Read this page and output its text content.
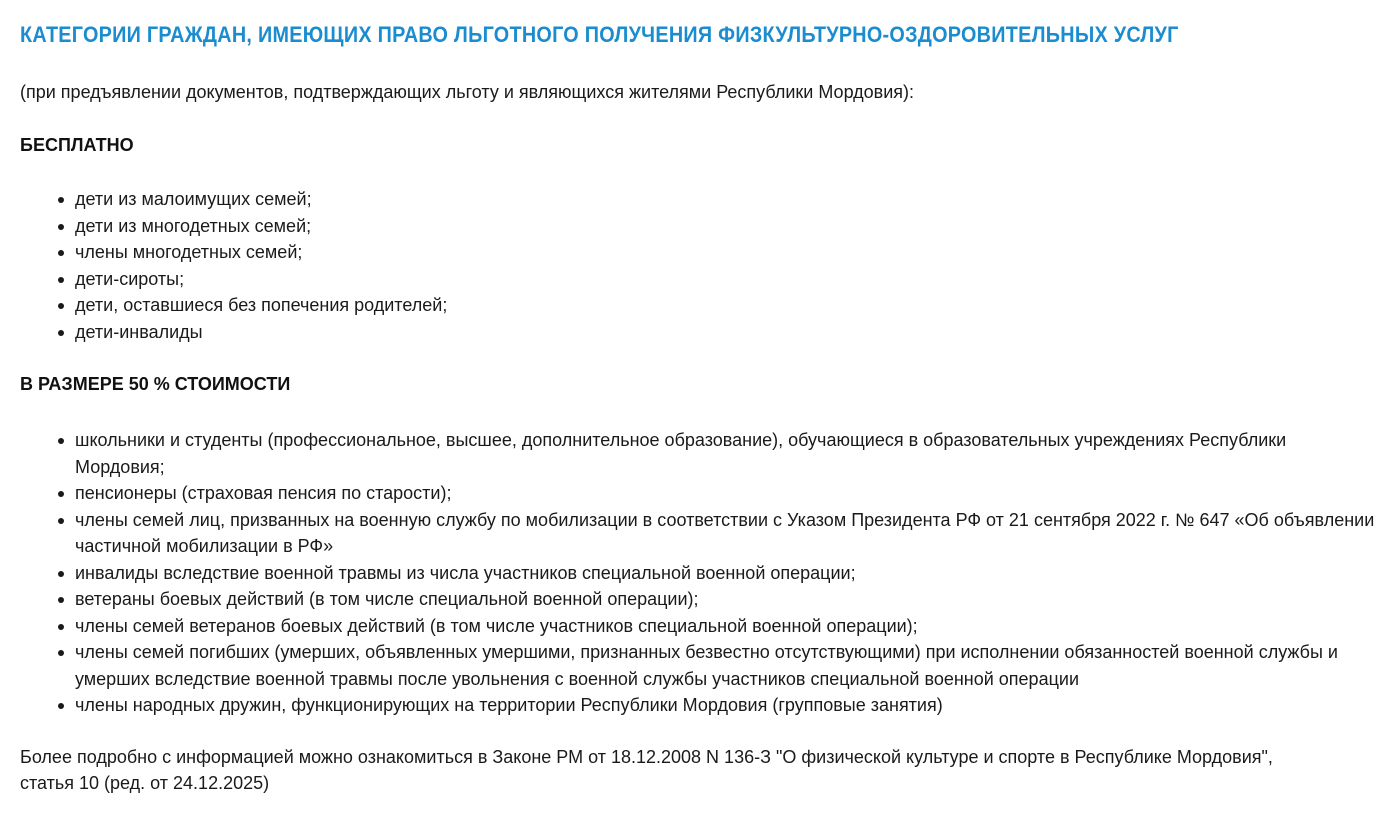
КАТЕГОРИИ ГРАЖДАН, ИМЕЮЩИХ ПРАВО ЛЬГОТНОГО ПОЛУЧЕНИЯ ФИЗКУЛЬТУРНО-ОЗДОРОВИТЕЛЬНЫХ УСЛУГ

(при предъявлении документов, подтверждающих льготу и являющихся жителями Республики Мордовия):

БЕСПЛАТНО
дети из малоимущих семей;
дети из многодетных семей;
члены многодетных семей;
дети-сироты;
дети, оставшиеся без попечения родителей;
дети-инвалиды
В РАЗМЕРЕ 50 % СТОИМОСТИ
школьники и студенты (профессиональное, высшее, дополнительное образование), обучающиеся в образовательных учреждениях Республики Мордовия;
пенсионеры (страховая пенсия по старости);
члены семей лиц, призванных на военную службу по мобилизации в соответствии с Указом Президента РФ от 21 сентября 2022 г. № 647 «Об объявлении частичной мобилизации в РФ»
инвалиды вследствие военной травмы из числа участников специальной военной операции;
ветераны боевых действий (в том числе специальной военной операции);
члены семей ветеранов боевых действий (в том числе участников специальной военной операции);
члены семей погибших (умерших, объявленных умершими, признанных безвестно отсутствующими) при исполнении обязанностей военной службы и умерших вследствие военной травмы после увольнения с военной службы участников специальной военной операции
члены народных дружин, функционирующих на территории Республики Мордовия (групповые занятия)

Более подробно с информацией можно ознакомиться в Законе РМ от 18.12.2008 N 136-З "О физической культуре и спорте в Республике Мордовия", статья 10 (ред. от 24.12.2025)
